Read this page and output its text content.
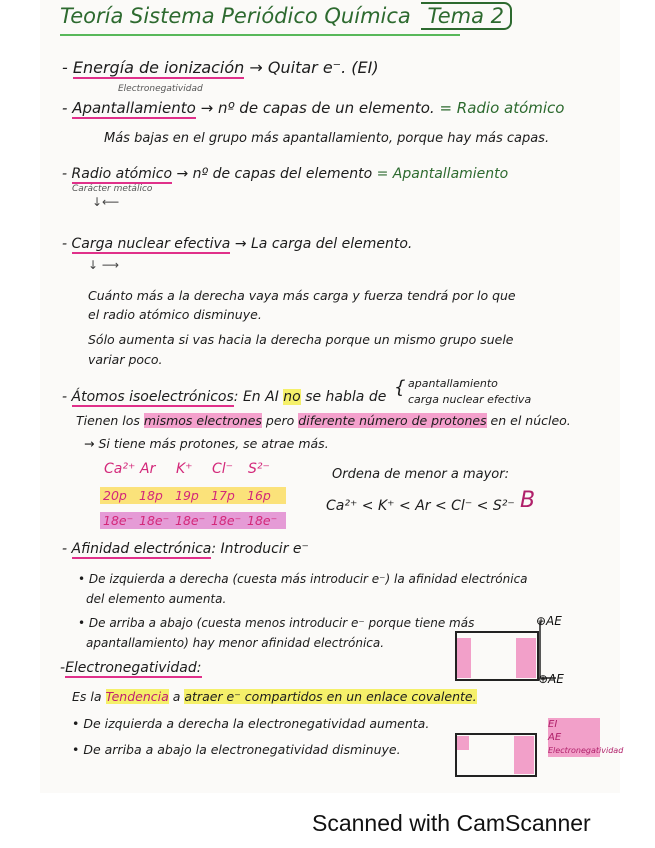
Teoría Sistema Periódico Química Tema 2
- Energía de ionización → Quitar e⁻. (EI)
Electronegatividad
- Apantallamiento → nº de capas de un elemento. = Radio atómico
Más bajas en el grupo más apantallamiento, porque hay más capas.
- Radio atómico → nº de capas del elemento = Apantallamiento
Carácter metálico
↓⟵
- Carga nuclear efectiva → La carga del elemento.
↓ ⟶
Cuánto más a la derecha vaya más carga y fuerza tendrá por lo que
el radio atómico disminuye.
Sólo aumenta si vas hacia la derecha porque un mismo grupo suele
variar poco.
- Átomos isoelectrónicos: En AI no se habla de { apantallamiento
carga nuclear efectiva
Tienen los mismos electrones pero diferente número de protones en el núcleo.
→ Si tiene más protones, se atrae más.
Ca²⁺ Ar K⁺ Cl⁻ S²⁻
20p 18p 19p 17p 16p
18e⁻ 18e⁻ 18e⁻ 18e⁻ 18e⁻
Ordena de menor a mayor:
Ca²⁺ < K⁺ < Ar < Cl⁻ < S²⁻ B
- Afinidad electrónica: Introducir e⁻
• De izquierda a derecha (cuesta más introducir e⁻) la afinidad electrónica
del elemento aumenta.
• De arriba a abajo (cuesta menos introducir e⁻ porque tiene más
apantallamiento) hay menor afinidad electrónica.
⊕AE
⊕AE
-Electronegatividad:
Es la Tendencia a atraer e⁻ compartidos en un enlace covalente.
• De izquierda a derecha la electronegatividad aumenta.
• De arriba a abajo la electronegatividad disminuye.
EI
AE
Electronegatividad
Scanned with CamScanner
